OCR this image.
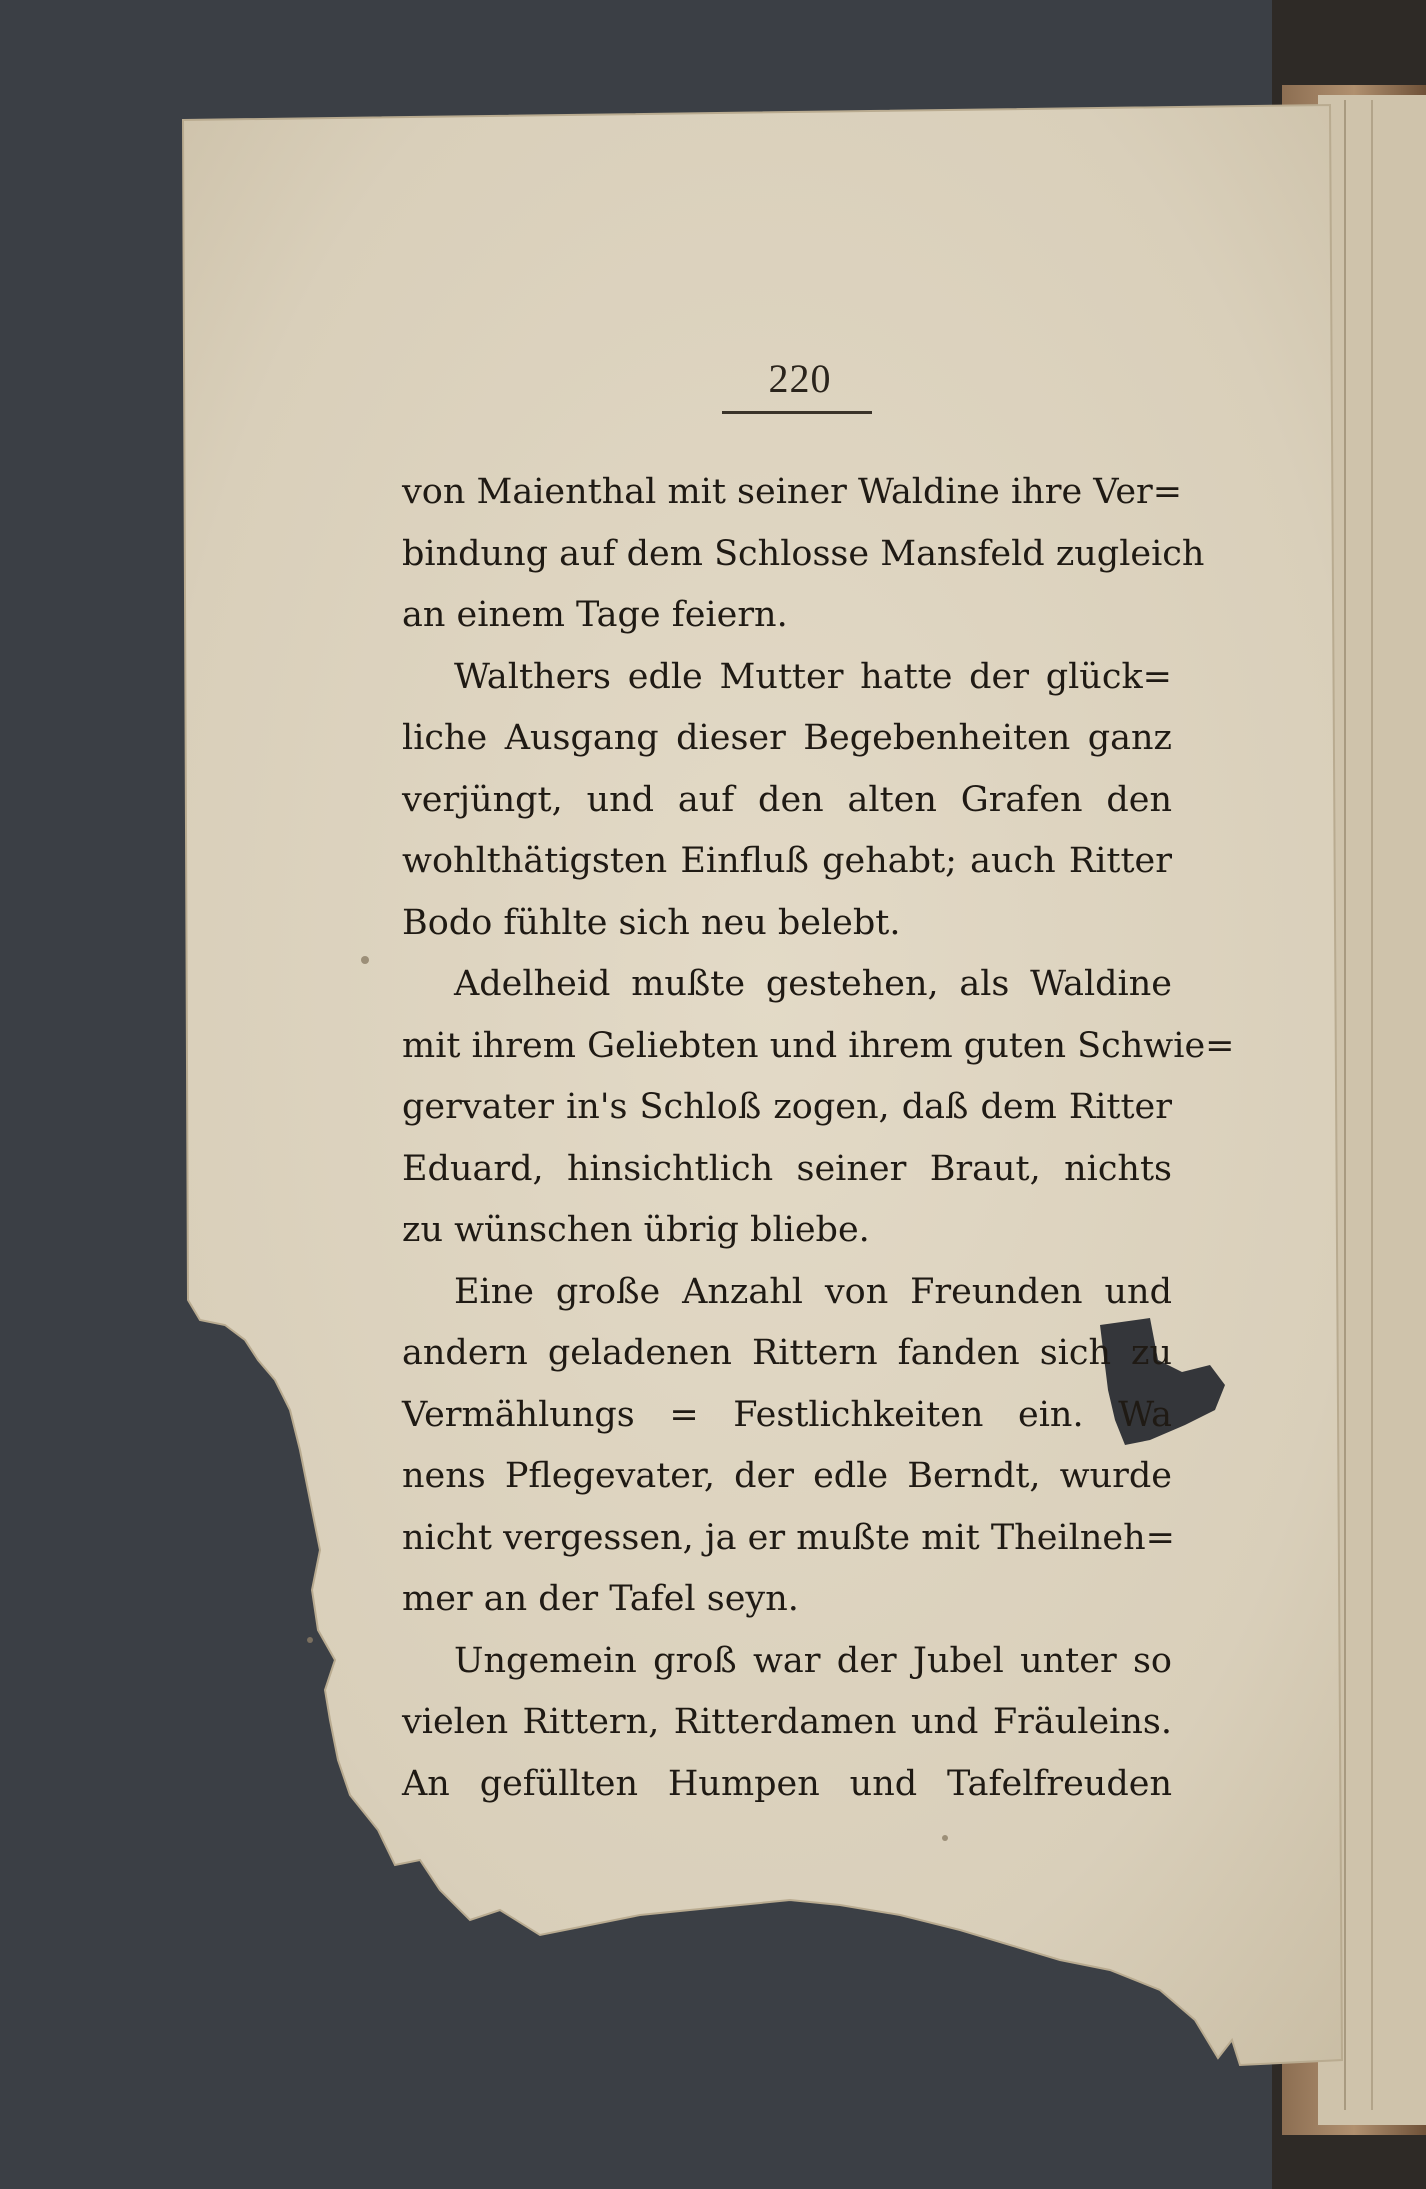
220
von Maienthal mit seiner Waldine ihre Ver=
bindung auf dem Schlosse Mansfeld zugleich
an einem Tage feiern.
Walthers edle Mutter hatte der glück=
liche Ausgang dieser Begebenheiten ganz
verjüngt, und auf den alten Grafen den
wohlthätigsten Einfluß gehabt; auch Ritter
Bodo fühlte sich neu belebt.
Adelheid mußte gestehen, als Waldine
mit ihrem Geliebten und ihrem guten Schwie=
gervater in's Schloß zogen, daß dem Ritter
Eduard, hinsichtlich seiner Braut, nichts
zu wünschen übrig bliebe.
Eine große Anzahl von Freunden und
andern geladenen Rittern fanden sich zu
Vermählungs = Festlichkeiten ein. Wa
nens Pflegevater, der edle Berndt, wurde
nicht vergessen, ja er mußte mit Theilneh=
mer an der Tafel seyn.
Ungemein groß war der Jubel unter so
vielen Rittern, Ritterdamen und Fräuleins.
An gefüllten Humpen und Tafelfreuden
